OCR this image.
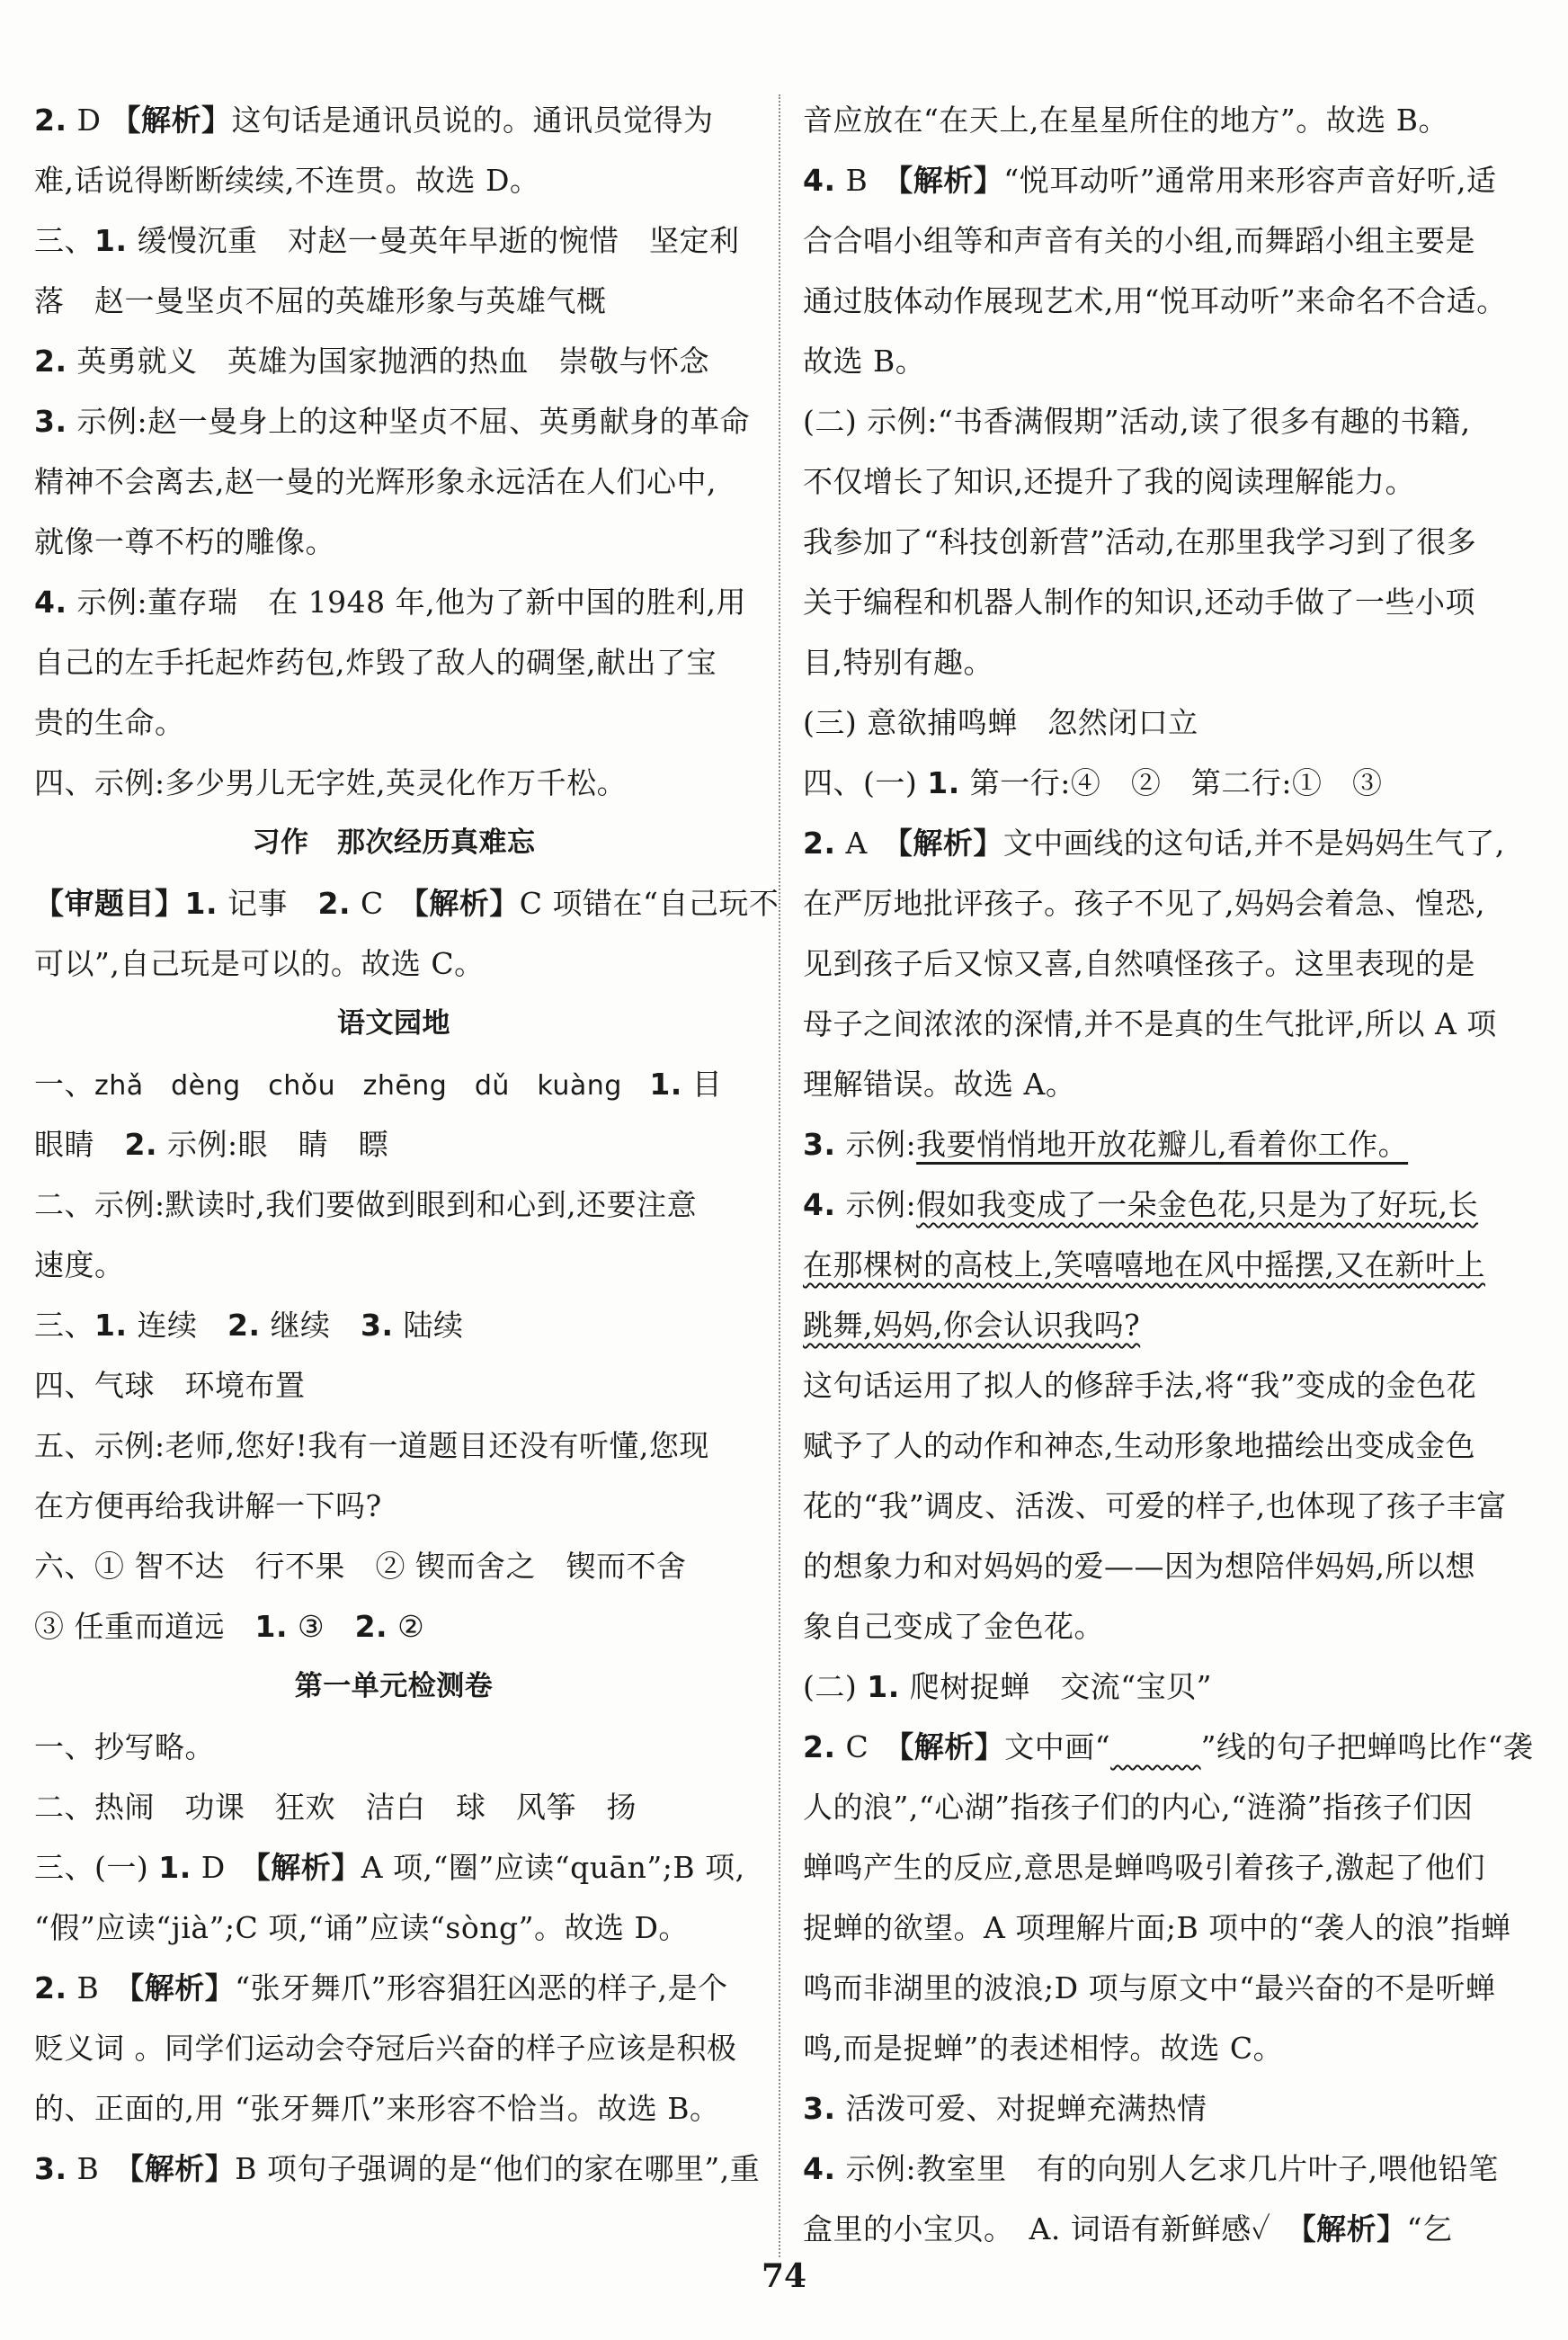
2. D 【解析】这句话是通讯员说的。通讯员觉得为
难,话说得断断续续,不连贯。故选 D。
三、1. 缓慢沉重　对赵一曼英年早逝的惋惜　坚定利
落　赵一曼坚贞不屈的英雄形象与英雄气概
2. 英勇就义　英雄为国家抛洒的热血　崇敬与怀念
3. 示例:赵一曼身上的这种坚贞不屈、英勇献身的革命
精神不会离去,赵一曼的光辉形象永远活在人们心中,
就像一尊不朽的雕像。
4. 示例:董存瑞　在 1948 年,他为了新中国的胜利,用
自己的左手托起炸药包,炸毁了敌人的碉堡,献出了宝
贵的生命。
四、示例:多少男儿无字姓,英灵化作万千松。
习作　那次经历真难忘
【审题目】1. 记事　2. C　【解析】C 项错在“自己玩不
可以”,自己玩是可以的。故选 C。
语文园地
一、zhǎ　dèng　chǒu　zhēng　dǔ　kuàng　1. 目
眼睛　2. 示例:眼　睛　瞟
二、示例:默读时,我们要做到眼到和心到,还要注意
速度。
三、1. 连续　2. 继续　3. 陆续
四、气球　环境布置
五、示例:老师,您好!我有一道题目还没有听懂,您现
在方便再给我讲解一下吗?
六、① 智不达　行不果　② 锲而舍之　锲而不舍
③ 任重而道远　1. ③　2. ②
第一单元检测卷
一、抄写略。
二、热闹　功课　狂欢　洁白　球　风筝　扬
三、(一) 1. D　【解析】A 项,“圈”应读“quān”;B 项,
“假”应读“jià”;C 项,“诵”应读“sòng”。故选 D。
2. B　【解析】“张牙舞爪”形容猖狂凶恶的样子,是个
贬义词 。同学们运动会夺冠后兴奋的样子应该是积极
的、正面的,用 “张牙舞爪”来形容不恰当。故选 B。
3. B　【解析】B 项句子强调的是“他们的家在哪里”,重
音应放在“在天上,在星星所住的地方”。故选 B。
4. B　【解析】“悦耳动听”通常用来形容声音好听,适
合合唱小组等和声音有关的小组,而舞蹈小组主要是
通过肢体动作展现艺术,用“悦耳动听”来命名不合适。
故选 B。
(二) 示例:“书香满假期”活动,读了很多有趣的书籍,
不仅增长了知识,还提升了我的阅读理解能力。
我参加了“科技创新营”活动,在那里我学习到了很多
关于编程和机器人制作的知识,还动手做了一些小项
目,特别有趣。
(三) 意欲捕鸣蝉　忽然闭口立
四、(一) 1. 第一行:④　②　第二行:①　③
2. A　【解析】文中画线的这句话,并不是妈妈生气了,
在严厉地批评孩子。孩子不见了,妈妈会着急、惶恐,
见到孩子后又惊又喜,自然嗔怪孩子。这里表现的是
母子之间浓浓的深情,并不是真的生气批评,所以 A 项
理解错误。故选 A。
3. 示例:我要悄悄地开放花瓣儿,看着你工作。
4. 示例:假如我变成了一朵金色花,只是为了好玩,长
在那棵树的高枝上,笑嘻嘻地在风中摇摆,又在新叶上
跳舞,妈妈,你会认识我吗?
这句话运用了拟人的修辞手法,将“我”变成的金色花
赋予了人的动作和神态,生动形象地描绘出变成金色
花的“我”调皮、活泼、可爱的样子,也体现了孩子丰富
的想象力和对妈妈的爱——因为想陪伴妈妈,所以想
象自己变成了金色花。
(二) 1. 爬树捉蝉　交流“宝贝”
2. C　【解析】文中画“　　　	”线的句子把蝉鸣比作“袭
人的浪”,“心湖”指孩子们的内心,“涟漪”指孩子们因
蝉鸣产生的反应,意思是蝉鸣吸引着孩子,激起了他们
捉蝉的欲望。A 项理解片面;B 项中的“袭人的浪”指蝉
鸣而非湖里的波浪;D 项与原文中“最兴奋的不是听蝉
鸣,而是捉蝉”的表述相悖。故选 C。
3. 活泼可爱、对捉蝉充满热情
4. 示例:教室里　有的向别人乞求几片叶子,喂他铅笔
盒里的小宝贝。　A. 词语有新鲜感✓　【解析】“乞
74
